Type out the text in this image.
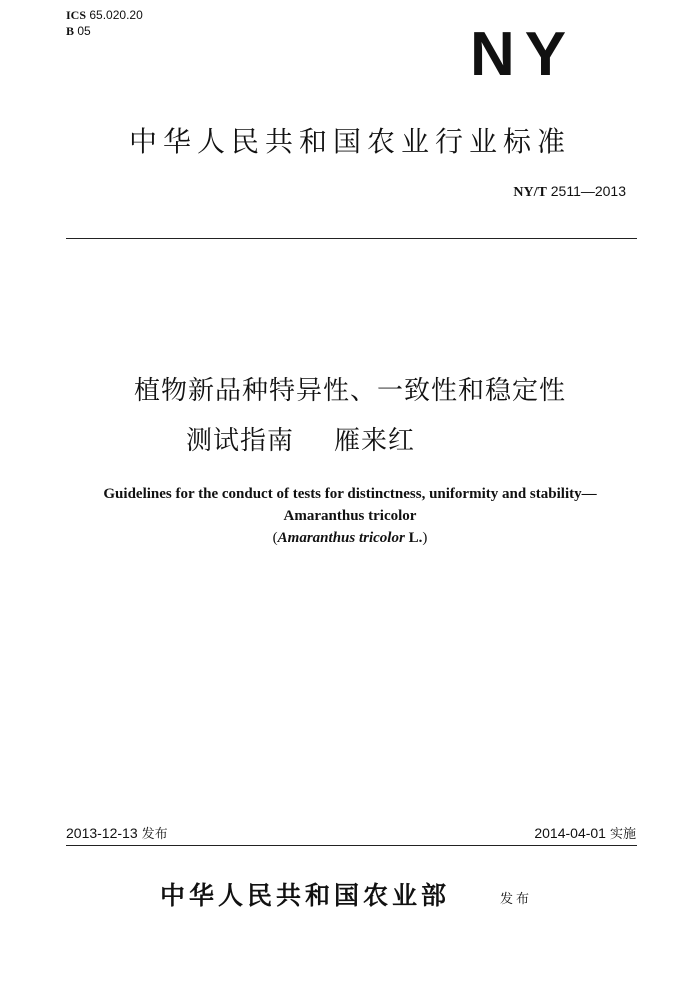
ICS 65.020.20
B 05	NY
中华人民共和国农业行业标准
NY/T 2511—2013
植物新品种特异性、一致性和稳定性
测试指南 雁来红
Guidelines for the conduct of tests for distinctness, uniformity and stability—
Amaranthus tricolor
(Amaranthus tricolor L.)
2013-12-13 发布	2014-04-01 实施
中华人民共和国农业部	发布
